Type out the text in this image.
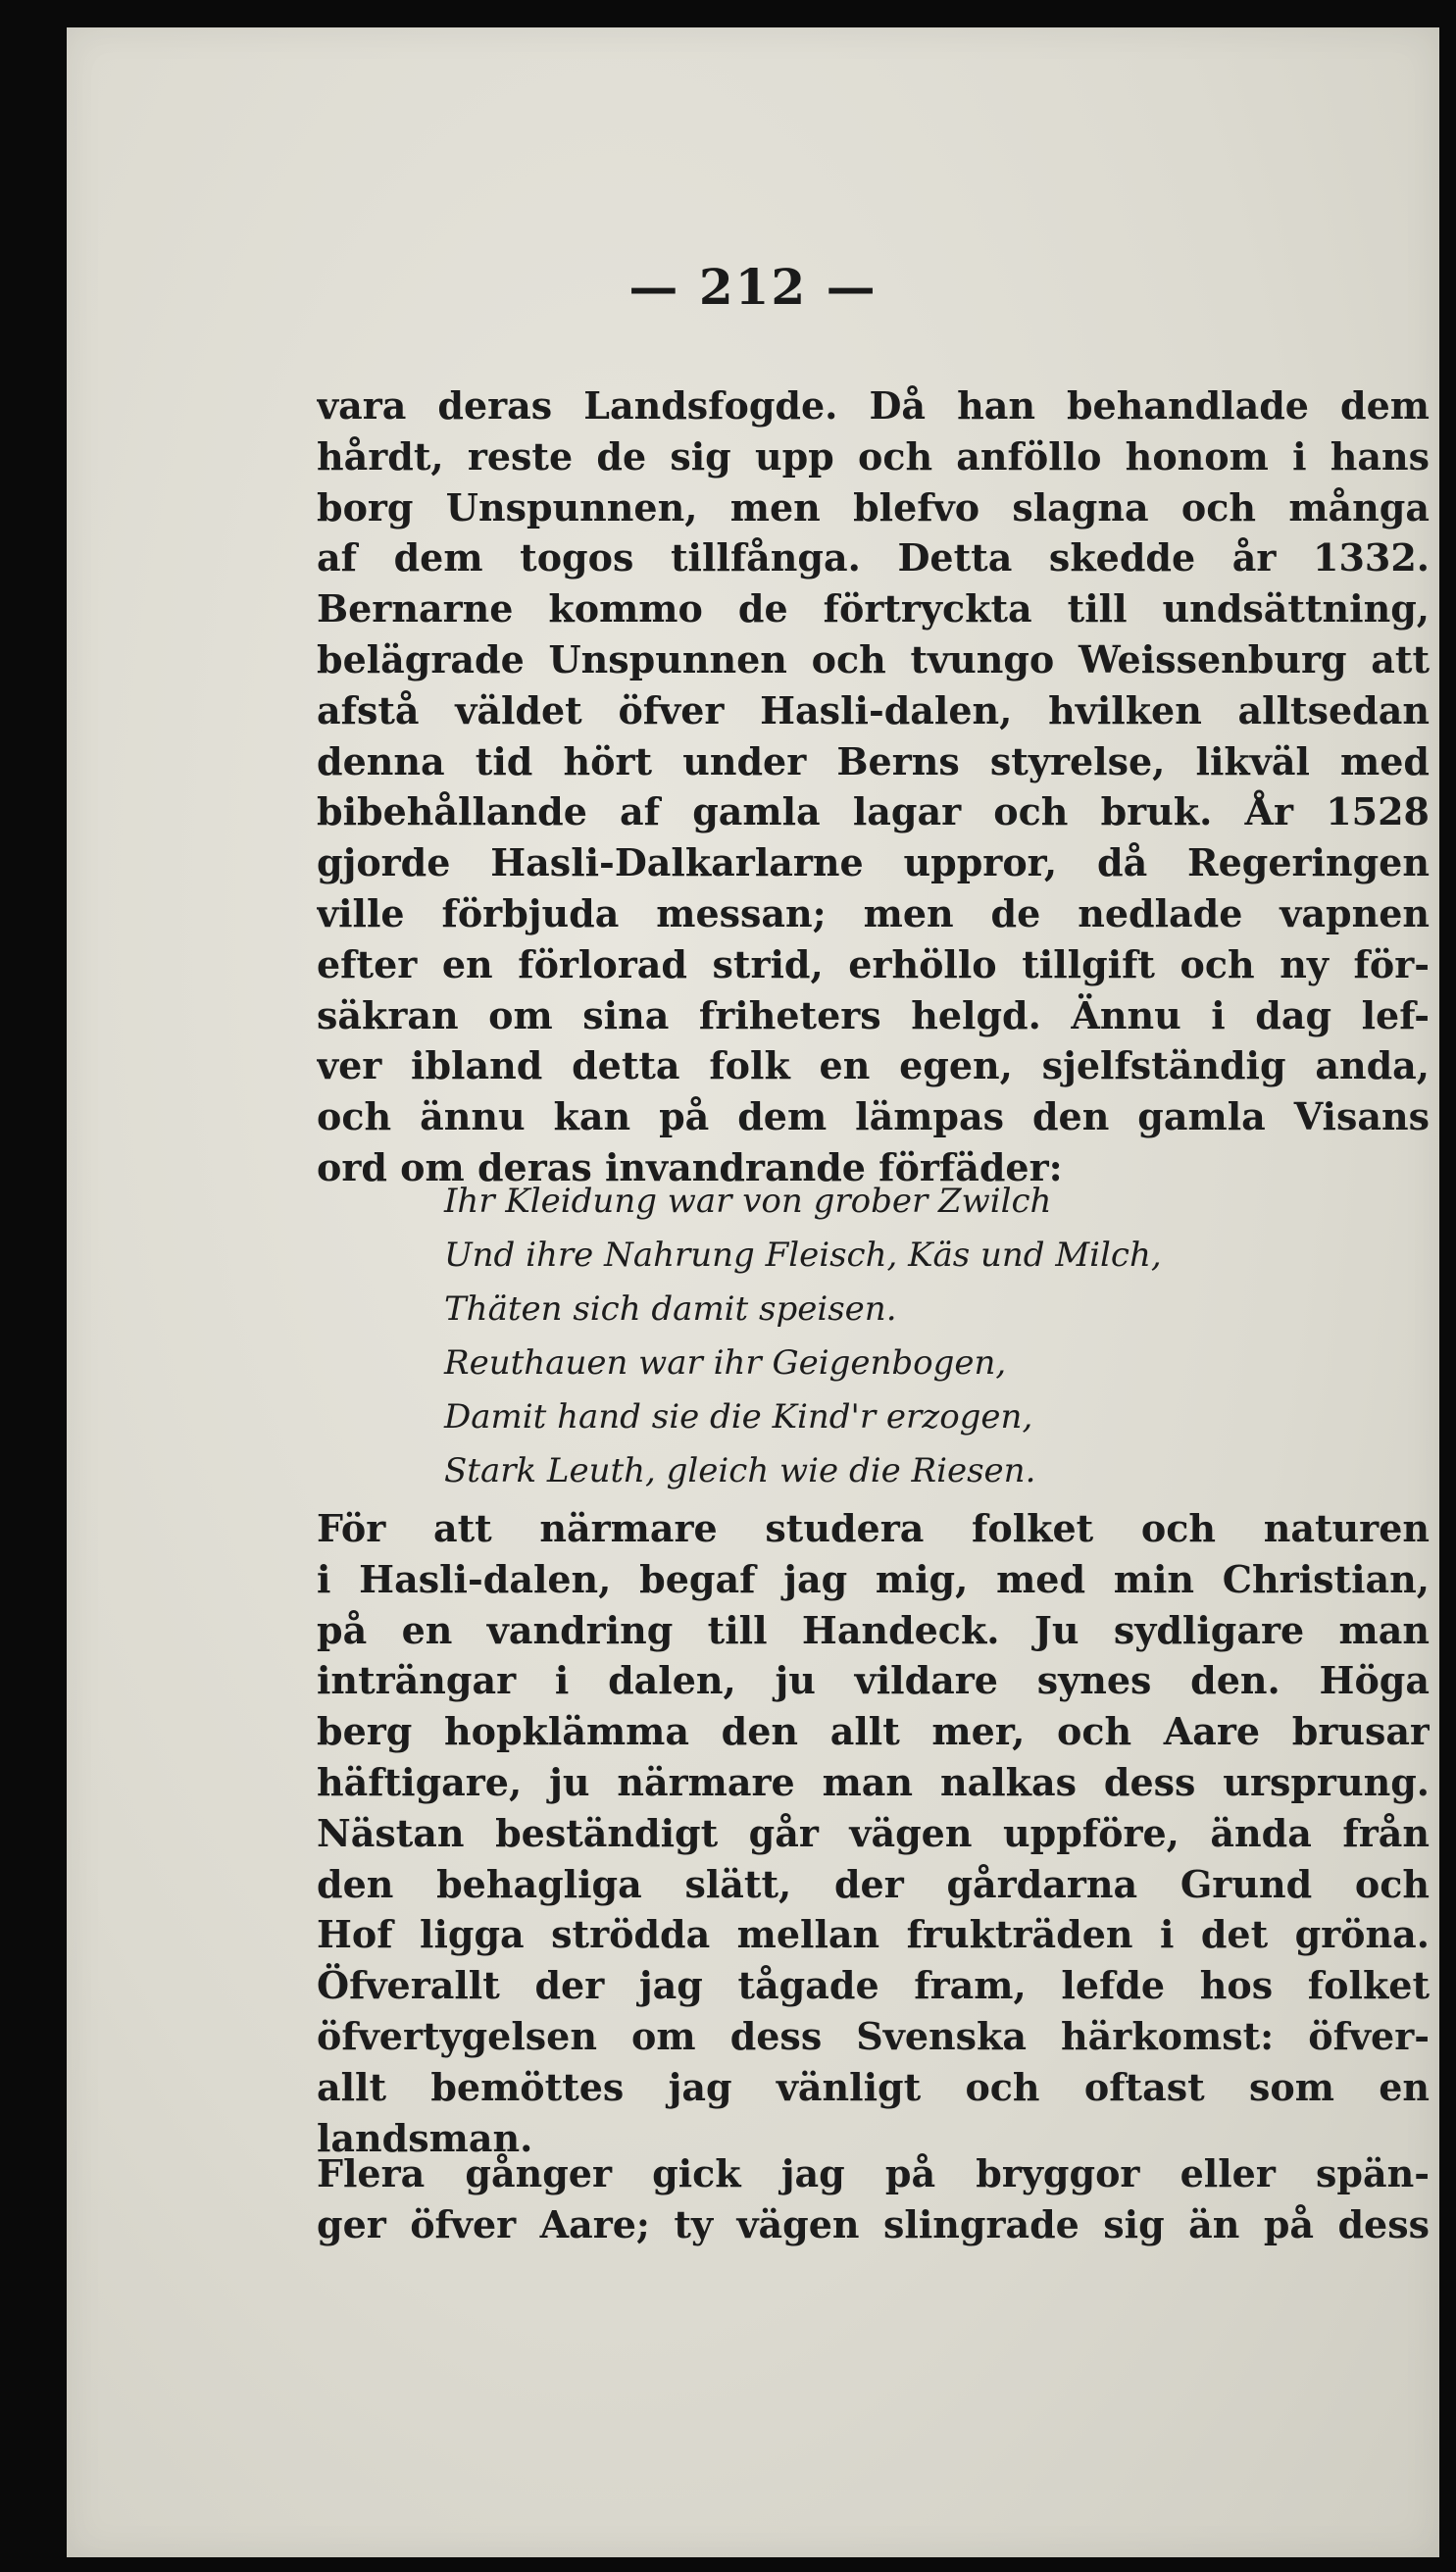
— 212 —
vara deras Landsfogde. Då han behandlade dem
hårdt, reste de sig upp och anföllo honom i hans
borg Unspunnen, men blefvo slagna och många
af dem togos tillfånga. Detta skedde år 1332.
Bernarne kommo de förtryckta till undsättning,
belägrade Unspunnen och tvungo Weissenburg att
afstå väldet öfver Hasli-dalen, hvilken alltsedan
denna tid hört under Berns styrelse, likväl med
bibehållande af gamla lagar och bruk. År 1528
gjorde Hasli-Dalkarlarne uppror, då Regeringen
ville förbjuda messan; men de nedlade vapnen
efter en förlorad strid, erhöllo tillgift och ny för-
säkran om sina friheters helgd. Ännu i dag lef-
ver ibland detta folk en egen, sjelfständig anda,
och ännu kan på dem lämpas den gamla Visans
ord om deras invandrande förfäder:
Ihr Kleidung war von grober Zwilch
Und ihre Nahrung Fleisch, Käs und Milch,
Thäten sich damit speisen.
Reuthauen war ihr Geigenbogen,
Damit hand sie die Kind'r erzogen,
Stark Leuth, gleich wie die Riesen.
För att närmare studera folket och naturen
i Hasli-dalen, begaf jag mig, med min Christian,
på en vandring till Handeck. Ju sydligare man
inträngar i dalen, ju vildare synes den. Höga
berg hopklämma den allt mer, och Aare brusar
häftigare, ju närmare man nalkas dess ursprung.
Nästan beständigt går vägen uppföre, ända från
den behagliga slätt, der gårdarna Grund och
Hof ligga strödda mellan frukträden i det gröna.
Öfverallt der jag tågade fram, lefde hos folket
öfvertygelsen om dess Svenska härkomst: öfver-
allt bemöttes jag vänligt och oftast som en
landsman.
Flera gånger gick jag på bryggor eller spän-
ger öfver Aare; ty vägen slingrade sig än på dess
